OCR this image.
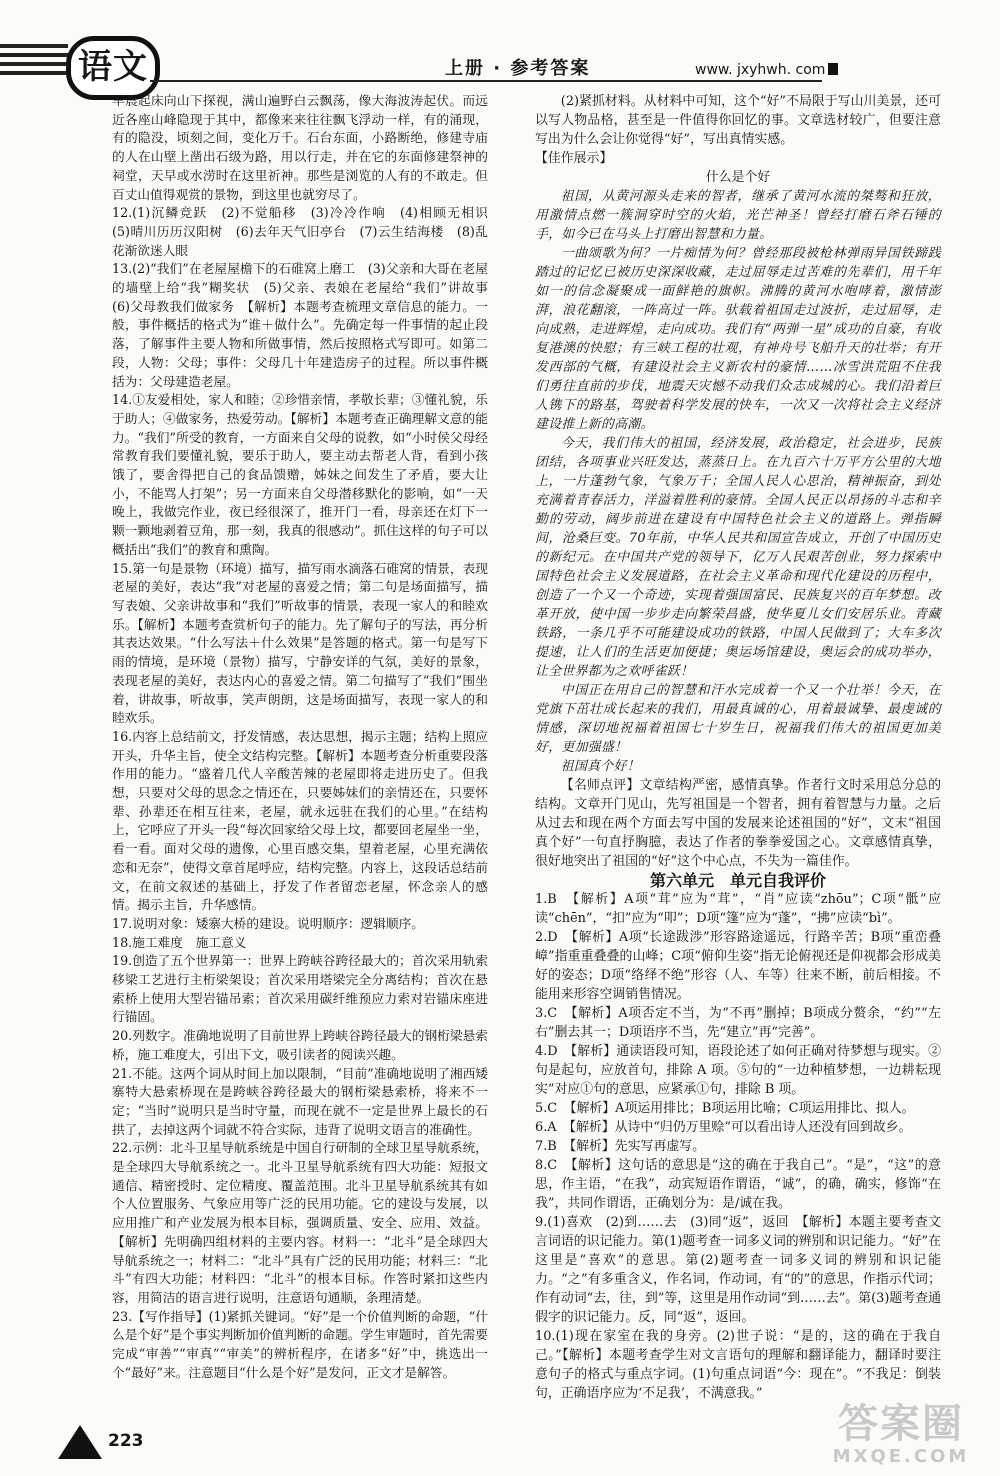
语文	上册 · 参考答案	www. jxyhwh. com

早晨起床向山下探视，满山遍野白云飘荡，像大海波涛起伏。而远近各座山峰隐现于其中，都像来来往往飘飞浮动一样，有的涌现，有的隐没，顷刻之间，变化万千。石台东面，小路断绝，修建寺庙的人在山壁上凿出石级为路，用以行走，并在它的东面修建祭神的祠堂，天早或水涝时在这里祈神。那些是浏览的人有的不敢走。但百丈山值得观赏的景物，到这里也就穷尽了。

12.(1)沉鳞竞跃　(2)不觉船移　(3)冷冷作响　(4)相顾无相识　(5)晴川历历汉阳树　(6)去年天气旧亭台　(7)云生结海楼　(8)乱花渐欲迷人眼

13.(2)“我们”在老屋屋檐下的石碓窝上磨工　(3)父亲和大哥在老屋的墙壁上给“我”糊奖状　(5)父亲、表娘在老屋给“我们”讲故事　(6)父母教我们做家务　【解析】本题考查梳理文章信息的能力。一般，事件概括的格式为“谁＋做什么”。先确定每一件事情的起止段落，了解事件主要人物和所做事情，然后按照格式写即可。如第二段，人物：父母；事件：父母几十年建造房子的过程。所以事件概括为：父母建造老屋。

14.①友爱相处，家人和睦；②珍惜亲情，孝敬长辈；③懂礼貌，乐于助人；④做家务，热爱劳动。【解析】本题考查正确理解文意的能力。“我们”所受的教育，一方面来自父母的说教，如“小时侯父母经常教育我们要懂礼貌，要乐于助人，要主动去帮老人背，看到小孩饿了，要舍得把自己的食品馈赠，姊妹之间发生了矛盾，要大让小，不能骂人打架”；另一方面来自父母潜移默化的影响，如“一天晚上，我做完作业，夜已经很深了，推开门一看，母亲还在灯下一颗一颗地剥着豆角，那一刻，我真的很感动”。抓住这样的句子可以概括出“我们”的教育和熏陶。

15.第一句是景物（环境）描写，描写雨水滴落石碓窝的情景，表现老屋的美好，表达“我”对老屋的喜爱之情；第二句是场面描写，描写表娘、父亲讲故事和“我们”听故事的情景，表现一家人的和睦欢乐。【解析】本题考查赏析句子的能力。先了解句子的写法，再分析其表达效果。“什么写法＋什么效果”是答题的格式。第一句是写下雨的情境，是环境（景物）描写，宁静安详的气氛，美好的景象，表现老屋的美好，表达内心的喜爱之情。第二句描写了“我们”围坐着，讲故事，听故事，笑声朗朗，这是场面描写，表现一家人的和睦欢乐。

16.内容上总结前文，抒发情感，表达思想，揭示主题；结构上照应开头，升华主旨，使全文结构完整。【解析】本题考查分析重要段落作用的能力。“盛着几代人辛酸苦辣的老屋即将走进历史了。但我想，只要对父母的思念之情还在，只要姊妹们的亲情还在，只要怀辈、孙辈还在相互往来，老屋，就永远驻在我们的心里。”在结构上，它呼应了开头一段“每次回家给父母上坟，都要回老屋坐一坐，看一看。面对父母的遗像，心里百感交集，望着老屋，心里充满依恋和无奈”，使得文章首尾呼应，结构完整。内容上，这段话总结前文，在前文叙述的基础上，抒发了作者留恋老屋，怀念亲人的感情。揭示主旨，升华感情。

17.说明对象：矮寨大桥的建设。说明顺序：逻辑顺序。

18.施工难度　施工意义

19.创造了五个世界第一：世界上跨峡谷跨径最大的；首次采用轨索移梁工艺进行主桁梁架设；首次采用塔梁完全分离结构；首次在悬索桥上使用大型岩锚吊索；首次采用碳纤维预应力索对岩锚床座进行锚固。

20.列数字。准确地说明了目前世界上跨峡谷跨径最大的钢桁梁悬索桥，施工难度大，引出下文，吸引读者的阅读兴趣。

21.不能。这两个词从时间上加以限制，“目前”准确地说明了湘西矮寨特大悬索桥现在是跨峡谷跨径最大的钢桁梁悬索桥，将来不一定；“当时”说明只是当时守量，而现在就不一定是世界上最长的石拱了，去掉这两个词就不符合实际，违背了说明文语言的准确性。

22.示例：北斗卫星导航系统是中国自行研制的全球卫星导航系统，是全球四大导航系统之一。北斗卫星导航系统有四大功能：短报文通信、精密授时、定位精度、覆盖范围。北斗卫星导航系统其有如个人位置服务、气象应用等广泛的民用功能。它的建设与发展，以应用推广和产业发展为根本目标，强调质量、安全、应用、效益。【解析】先明确四组材料的主要内容。材料一：“北斗”是全球四大导航系统之一；材料二：“北斗”具有广泛的民用功能；材料三：“北斗”有四大功能；材料四：“北斗”的根本目标。作答时紧扣这些内容，用简洁的语言进行说明，注意语句通顺，条理清楚。

23.【写作指导】(1)紧抓关键词。“好”是一个价值判断的命题，“什么是个好”是个事实判断加价值判断的命题。学生审题时，首先需要完成“审善”“审真”“审美”的辨析程序，在诸多“好”中，挑选出一个“最好”来。注意题目“什么是个好”是发问，正文才是解答。

(2)紧抓材料。从材料中可知，这个“好”不局限于写山川美景，还可以写人物品格，甚至是一件值得你回忆的事。文章选材较广，但要注意写出为什么会让你觉得“好”，写出真情实感。

【佳作展示】

什么是个好

祖国，从黄河源头走来的智者，继承了黄河水流的桀骜和狂放，用激情点燃一簇洞穿时空的火焰，光芒神圣！曾经打磨石斧石锤的手，如今已在马头上打磨出智慧和力量。

一曲颂歌为何？一片痴情为何？曾经那段被枪林弹雨异国铁蹄践踏过的记忆已被历史深深收藏，走过屈辱走过苦难的先辈们，用千年如一的信念凝聚成一面鲜艳的旗帜。沸腾的黄河水咆哮着，激情澎湃，浪花翻滚，一阵高过一阵。驮载着祖国走过波折，走过屈辱，走向成熟，走进辉煌，走向成功。我们有“两弹一星”成功的自豪，有收复港澳的快慰；有三峡工程的壮观，有神舟号飞船升天的壮举；有开发西部的气概，有建设社会主义新农村的豪情……冰雪洪荒阻不住我们勇往直前的步伐，地震天灾憾不动我们众志成城的心。我们沿着巨人镌下的路基，驾驶着科学发展的快车，一次又一次将社会主义经济建设推上新的高潮。

今天，我们伟大的祖国，经济发展，政治稳定，社会进步，民族团结，各项事业兴旺发达，蒸蒸日上。在九百六十万平方公里的大地上，一片蓬勃气象，气象万千；全国人民人心思治，精神振奋，到处充满着青春活力，洋溢着胜利的豪情。全国人民正以昂扬的斗志和辛勤的劳动，阔步前进在建设有中国特色社会主义的道路上。弹指瞬间，沧桑巨变。70年前，中华人民共和国宣告成立，开创了中国历史的新纪元。在中国共产党的领导下，亿万人民艰苦创业，努力探索中国特色社会主义发展道路，在社会主义革命和现代化建设的历程中，创造了一个又一个奇迹，实现着强国富民、民族复兴的百年梦想。改革开放，使中国一步步走向繁荣昌盛，使华夏儿女们安居乐业。青藏铁路，一条几乎不可能建设成功的铁路，中国人民做到了；大车多次提速，让人们的生活更加便捷；奥运场馆建设，奥运会的成功举办，让全世界都为之欢呼雀跃！

中国正在用自己的智慧和汗水完成着一个又一个壮举！今天，在党旗下茁壮成长起来的我们，用最真诚的心，用着最诚挚、最虔诚的情感，深切地祝福着祖国七十岁生日，祝福我们伟大的祖国更加美好，更加强盛！

祖国真个好！

【名师点评】文章结构严密，感情真挚。作者行文时采用总分总的结构。文章开门见山，先写祖国是一个智者，拥有着智慧与力量。之后从过去和现在两个方面去写中国的发展来论述祖国的“好”，文末“祖国真个好”一句直抒胸臆，表达了作者的拳拳爱国之心。文章感情真挚，很好地突出了祖国的“好”这个中心点，不失为一篇佳作。

第六单元　单元自我评价

1.B　【解析】A项“茸”应为“茸”，“肖”应读“zhōu”；C项“骶”应读“chēn”，“扣”应为“叩”；D项“篷”应为“蓬”，“拂”应读“bì”。

2.D　【解析】A项“长途跋涉”形容路途遥远，行路辛苦；B项“重峦叠嶂”指重重叠叠的山峰；C项“俯仰生姿”指无论俯视还是仰视都会形成美好的姿态；D项“络绎不绝”形容（人、车等）往来不断，前后相接。不能用来形容空调销售情况。

3.C　【解析】A项否定不当，为“不再”删掉；B项成分赘余，“约”“左右”删去其一；D项语序不当，先“建立”再“完善”。

4.D　【解析】通读语段可知，语段论述了如何正确对待梦想与现实。②句是起句，应放首句，排除 A 项。⑤句的“一边种植梦想，一边耕耘现实”对应①句的意思，应紧承①句，排除 B 项。

5.C　【解析】A项运用排比；B项运用比喻；C项运用排比、拟人。

6.A　【解析】从诗中“归仍万里赊”可以看出诗人还没有回到故乡。

7.B　【解析】先实写再虚写。

8.C　【解析】这句话的意思是“这的确在于我自己”。“是”，“这”的意思，作主语，“在我”，动宾短语作谓语，“诚”，的确，确实，修饰“在我”，共同作谓语，正确划分为：是/诚在我。

9.(1)喜欢　(2)到……去　(3)同“返”，返回　【解析】本题主要考查文言词语的识记能力。第(1)题考查一词多义词的辨别和识记能力。“好”在这里是“喜欢”的意思。第(2)题考查一词多义词的辨别和识记能力。“之”有多重含义，作名词，作动词，有“的”的意思，作指示代词；作有动词“去，往，到”等，这里是用作动词“到……去”。第(3)题考查通假字的识记能力。反，同“返”，返回。

10.(1)现在家室在我的身旁。(2)世子说：“是的，这的确在于我自己。”【解析】本题考查学生对文言语句的理解和翻译能力，翻译时要注意句子的格式与重点字词。(1)句重点词语“今：现在”。“不我足：倒装句，正确语序应为‘不足我’，不满意我。”

223	答案圈
MXQE.COM
